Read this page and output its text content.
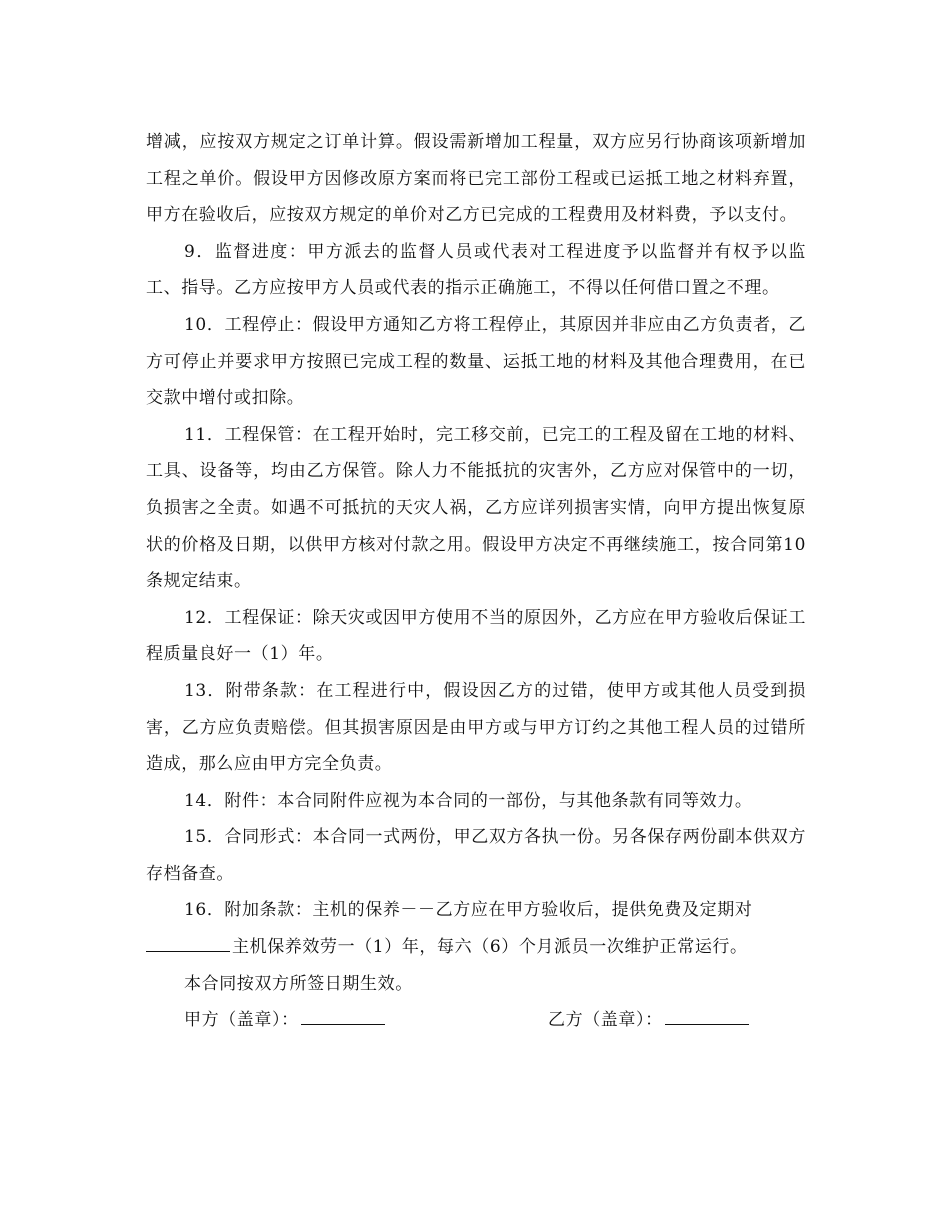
增减，应按双方规定之订单计算。假设需新增加工程量，双方应另行协商该项新增加工程之单价。假设甲方因修改原方案而将已完工部份工程或已运抵工地之材料弃置，甲方在验收后，应按双方规定的单价对乙方已完成的工程费用及材料费，予以支付。

9．监督进度：甲方派去的监督人员或代表对工程进度予以监督并有权予以监工、指导。乙方应按甲方人员或代表的指示正确施工，不得以任何借口置之不理。

10．工程停止：假设甲方通知乙方将工程停止，其原因并非应由乙方负责者，乙方可停止并要求甲方按照已完成工程的数量、运抵工地的材料及其他合理费用，在已交款中增付或扣除。

11．工程保管：在工程开始时，完工移交前，已完工的工程及留在工地的材料、工具、设备等，均由乙方保管。除人力不能抵抗的灾害外，乙方应对保管中的一切，负损害之全责。如遇不可抵抗的天灾人祸，乙方应详列损害实情，向甲方提出恢复原状的价格及日期，以供甲方核对付款之用。假设甲方决定不再继续施工，按合同第10条规定结束。

12．工程保证：除天灾或因甲方使用不当的原因外，乙方应在甲方验收后保证工程质量良好一（1）年。

13．附带条款：在工程进行中，假设因乙方的过错，使甲方或其他人员受到损害，乙方应负责赔偿。但其损害原因是由甲方或与甲方订约之其他工程人员的过错所造成，那么应由甲方完全负责。

14．附件：本合同附件应视为本合同的一部份，与其他条款有同等效力。

15．合同形式：本合同一式两份，甲乙双方各执一份。另各保存两份副本供双方存档备查。

16．附加条款：主机的保养－－乙方应在甲方验收后，提供免费及定期对
主机保养效劳一（1）年，每六（6）个月派员一次维护正常运行。

本合同按双方所签日期生效。

甲方（盖章）：	乙方（盖章）：
